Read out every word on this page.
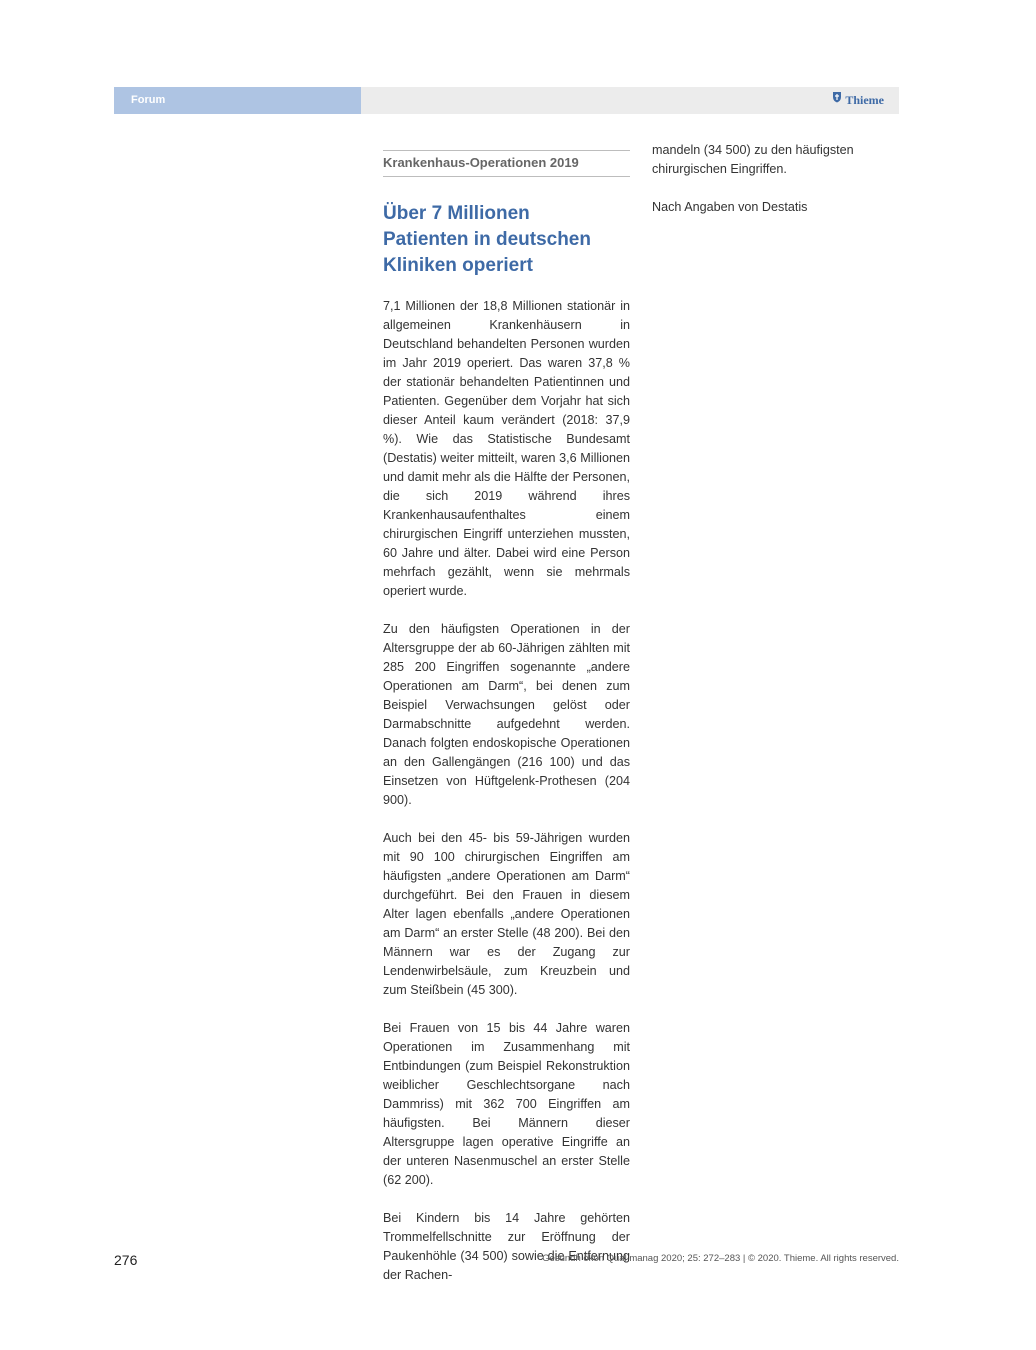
Forum	Thieme
Krankenhaus-Operationen 2019
Über 7 Millionen
Patienten in deutschen
Kliniken operiert

7,1 Millionen der 18,8 Millionen stationär in allgemeinen Krankenhäusern in Deutschland behandelten Personen wurden im Jahr 2019 operiert. Das waren 37,8 % der stationär behandelten Patientinnen und Patienten. Gegenüber dem Vorjahr hat sich dieser Anteil kaum verändert (2018: 37,9 %). Wie das Statistische Bundesamt (Destatis) weiter mitteilt, waren 3,6 Millionen und damit mehr als die Hälfte der Personen, die sich 2019 während ihres Krankenhausaufenthaltes einem chirurgischen Eingriff unterziehen mussten, 60 Jahre und älter. Dabei wird eine Person mehrfach gezählt, wenn sie mehrmals operiert wurde.

Zu den häufigsten Operationen in der Altersgruppe der ab 60-Jährigen zählten mit 285 200 Eingriffen sogenannte „andere Operationen am Darm“, bei denen zum Beispiel Verwachsungen gelöst oder Darmabschnitte aufgedehnt werden. Danach folgten endoskopische Operationen an den Gallengängen (216 100) und das Einsetzen von Hüftgelenk-Prothesen (204 900).

Auch bei den 45- bis 59-Jährigen wurden mit 90 100 chirurgischen Eingriffen am häufigsten „andere Operationen am Darm“ durchgeführt. Bei den Frauen in diesem Alter lagen ebenfalls „andere Operationen am Darm“ an erster Stelle (48 200). Bei den Männern war es der Zugang zur Lendenwirbelsäule, zum Kreuzbein und zum Steißbein (45 300).

Bei Frauen von 15 bis 44 Jahre waren Operationen im Zusammenhang mit Entbindungen (zum Beispiel Rekonstruktion weiblicher Geschlechtsorgane nach Dammriss) mit 362 700 Eingriffen am häufigsten. Bei Männern dieser Altersgruppe lagen operative Eingriffe an der unteren Nasenmuschel an erster Stelle (62 200).

Bei Kindern bis 14 Jahre gehörten Trommelfellschnitte zur Eröffnung der Paukenhöhle (34 500) sowie die Entfernung der Rachen-

mandeln (34 500) zu den häufigsten chirurgischen Eingriffen.

Nach Angaben von Destatis

276	Gesundh ökon Qual manag 2020; 25: 272–283 | © 2020. Thieme. All rights reserved.
